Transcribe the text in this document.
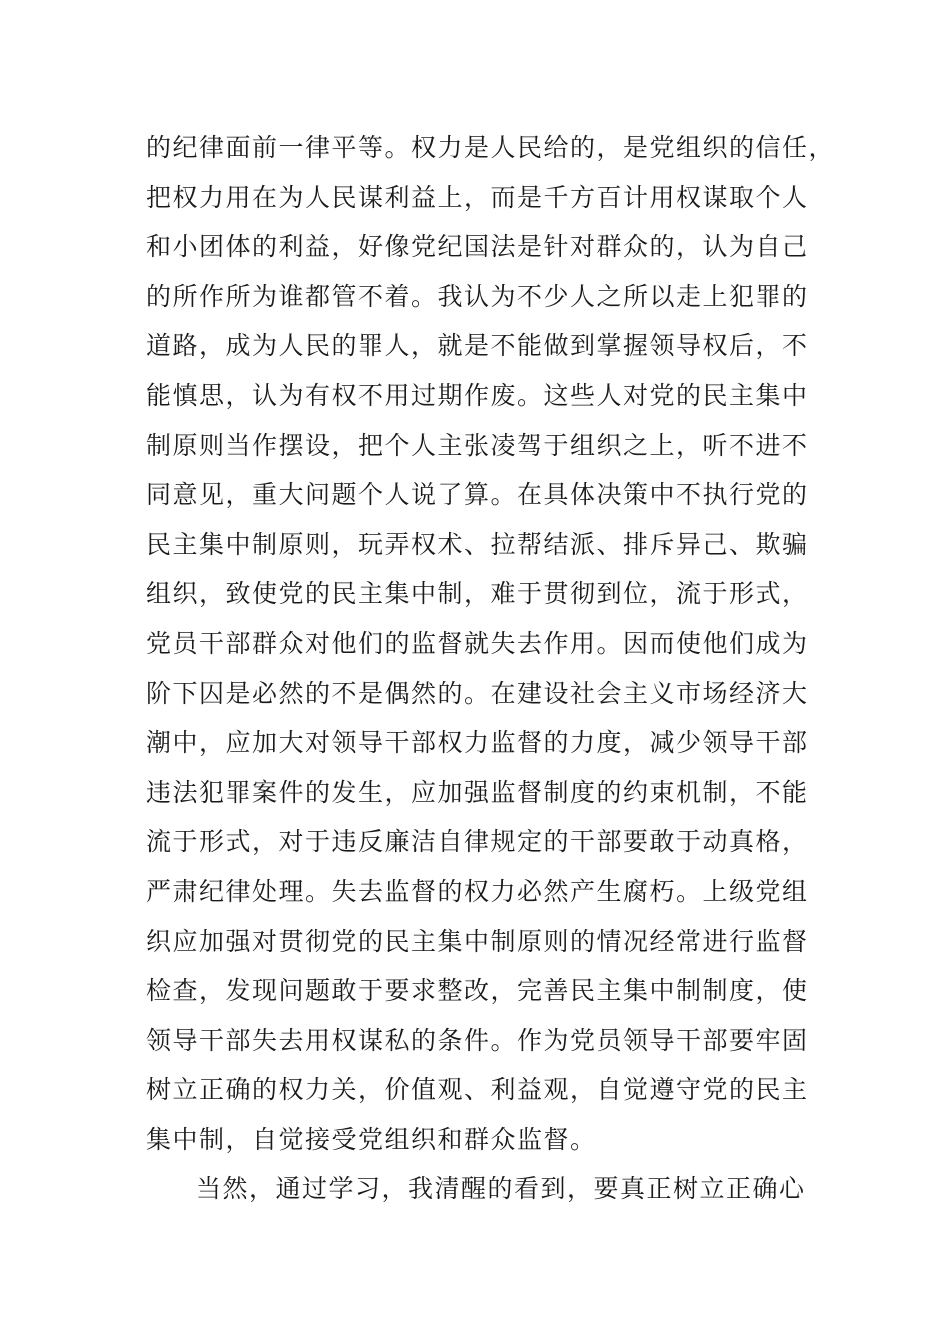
的纪律面前一律平等。权力是人民给的，是党组织的信任，
把权力用在为人民谋利益上，而是千方百计用权谋取个人
和小团体的利益，好像党纪国法是针对群众的，认为自己
的所作所为谁都管不着。我认为不少人之所以走上犯罪的
道路，成为人民的罪人，就是不能做到掌握领导权后，不
能慎思，认为有权不用过期作废。这些人对党的民主集中
制原则当作摆设，把个人主张凌驾于组织之上，听不进不
同意见，重大问题个人说了算。在具体决策中不执行党的
民主集中制原则，玩弄权术、拉帮结派、排斥异己、欺骗
组织，致使党的民主集中制，难于贯彻到位，流于形式，
党员干部群众对他们的监督就失去作用。因而使他们成为
阶下囚是必然的不是偶然的。在建设社会主义市场经济大
潮中，应加大对领导干部权力监督的力度，减少领导干部
违法犯罪案件的发生，应加强监督制度的约束机制，不能
流于形式，对于违反廉洁自律规定的干部要敢于动真格，
严肃纪律处理。失去监督的权力必然产生腐朽。上级党组
织应加强对贯彻党的民主集中制原则的情况经常进行监督
检查，发现问题敢于要求整改，完善民主集中制制度，使
领导干部失去用权谋私的条件。作为党员领导干部要牢固
树立正确的权力关，价值观、利益观，自觉遵守党的民主
集中制，自觉接受党组织和群众监督。
当然，通过学习，我清醒的看到，要真正树立正确心
